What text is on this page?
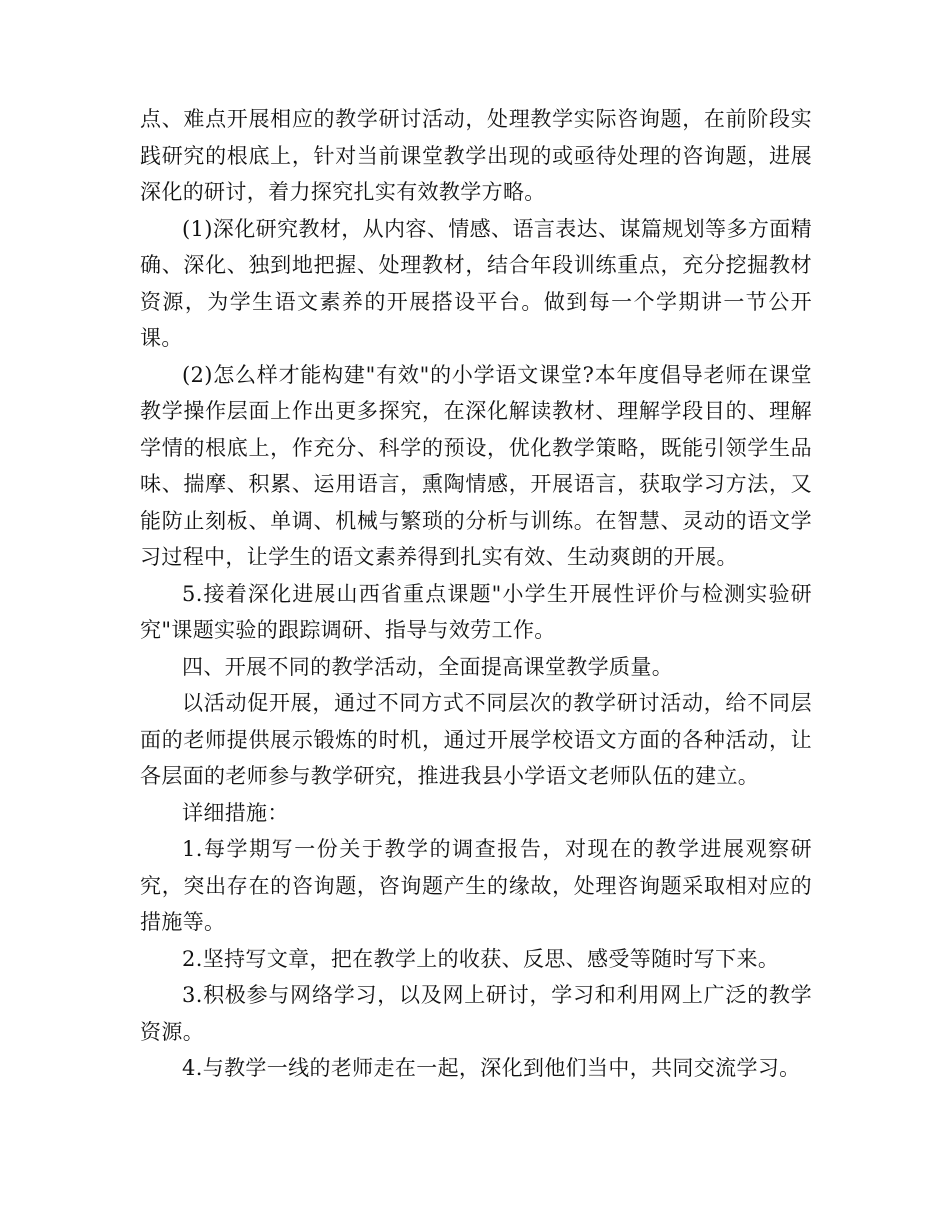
点、难点开展相应的教学研讨活动，处理教学实际咨询题，在前阶段实践研究的根底上，针对当前课堂教学出现的或亟待处理的咨询题，进展深化的研讨，着力探究扎实有效教学方略。

(1)深化研究教材，从内容、情感、语言表达、谋篇规划等多方面精确、深化、独到地把握、处理教材，结合年段训练重点，充分挖掘教材资源，为学生语文素养的开展搭设平台。做到每一个学期讲一节公开课。

(2)怎么样才能构建"有效"的小学语文课堂?本年度倡导老师在课堂教学操作层面上作出更多探究，在深化解读教材、理解学段目的、理解学情的根底上，作充分、科学的预设，优化教学策略，既能引领学生品味、揣摩、积累、运用语言，熏陶情感，开展语言，获取学习方法，又能防止刻板、单调、机械与繁琐的分析与训练。在智慧、灵动的语文学习过程中，让学生的语文素养得到扎实有效、生动爽朗的开展。

5.接着深化进展山西省重点课题"小学生开展性评价与检测实验研究"课题实验的跟踪调研、指导与效劳工作。

四、开展不同的教学活动，全面提高课堂教学质量。

以活动促开展，通过不同方式不同层次的教学研讨活动，给不同层面的老师提供展示锻炼的时机，通过开展学校语文方面的各种活动，让各层面的老师参与教学研究，推进我县小学语文老师队伍的建立。

详细措施：

1.每学期写一份关于教学的调查报告，对现在的教学进展观察研究，突出存在的咨询题，咨询题产生的缘故，处理咨询题采取相对应的措施等。

2.坚持写文章，把在教学上的收获、反思、感受等随时写下来。

3.积极参与网络学习，以及网上研讨，学习和利用网上广泛的教学资源。

4.与教学一线的老师走在一起，深化到他们当中，共同交流学习。
